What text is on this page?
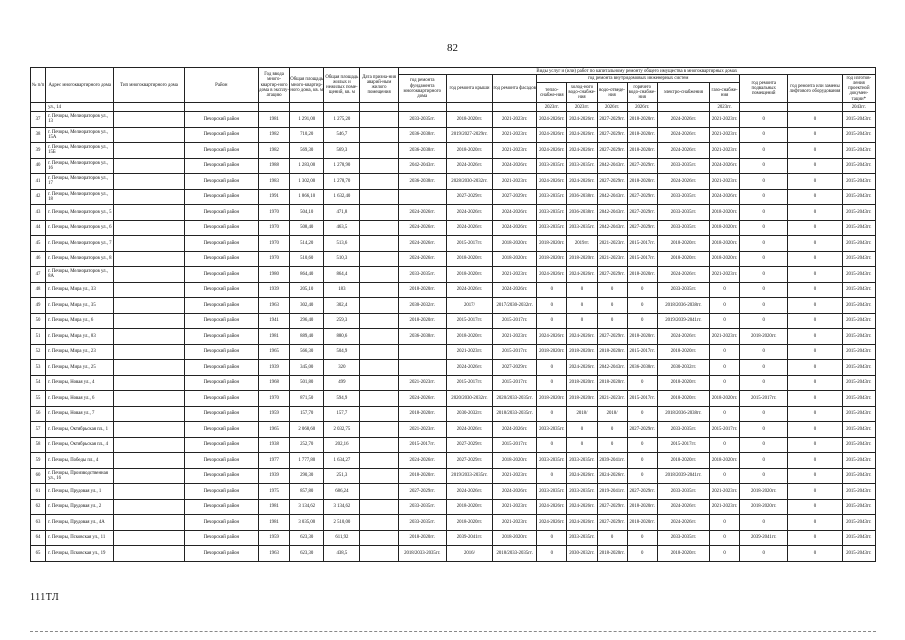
82
№ п/п	Адрес многоквартирного дома	Тип многоквартирного дома	Район	Год ввода много-квартир-ного дома в эксплу-атацию	Общая площадь много-квартир-ного дома, кв. м	Общая площадь жилых и нежилых поме-щений, кв. м	Дата призна-ния аварий-ным жилого помещения	Виды услуг и (или) работ по капитальному ремонту общего имущества в многоквартирных домах											
								год ремонта фундамента многоквартирного дома	год ремонта крыши	год ремонта фасадов	год ремонта внутридомовых инженерных систем						год ремонта подвальных помещений	год ремонта или замены лифтового оборудования	год изготов-ления проектной докумен-тации*
											тепло-снабже-ния	холод-ного водо-снабже-ния	водо-отведе-ния	горячего водо-снабже-ния	электро-снабжения	газо-снабже-ния			
	ул., 14										2023гг.	2023гг.	2026гг.	2026гг.		2023гг.			2043гг.
37	г. Печоры, Мелиораторов ул., 13		Печорский район	1981	1 291,00	1 275,20		2033-2035гг.	2018-2020гг.	2021-2023гг.	2024-2026гг.	2024-2026гг.	2027-2029гг.	2018-2020гг.	2024-2026гг.	2021-2023гг.	0	0	2015-2043гг.
38	г. Печоры, Мелиораторов ул., 15А		Печорский район	1982	710,20	546,7		2036-2038гг.	2019/2027-2029гг.	2021-2023гг.	2024-2026гг.	2024-2026гг.	2027-2029гг.	2018-2020гг.	2024-2026гг.	2021-2023гг.	0	0	2015-2043гг.
39	г. Печоры, Мелиораторов ул., 15Б		Печорский район	1982	569,30	569,3		2036-2038гг.	2018-2020гг.	2021-2023гг.	2024-2026гг.	2024-2026гг.	2027-2029гг.	2018-2020гг.	2024-2026гг.	2021-2023гг.	0	0	2015-2043гг.
40	г. Печоры, Мелиораторов ул., 16		Печорский район	1988	1 283,00	1 278,90		2042-2043гг.	2024-2026гг.	2024-2026гг.	2033-2035гг.	2033-2035гг.	2042-2043гг.	2027-2029гг.	2033-2035гг.	2024-2026гг.	0	0	2015-2043гг.
41	г. Печоры, Мелиораторов ул., 17		Печорский район	1983	1 302,00	1 278,70		2036-2038гг.	2028/2030-2032гг.	2021-2023гг.	2024-2026гг.	2024-2026гг.	2027-2029гг.	2018-2020гг.	2024-2026гг.	2021-2023гг.	0	0	2015-2043гг.
42	г. Печоры, Мелиораторов ул., 18		Печорский район	1991	1 866,10	1 632,40			2027-2029гг.	2027-2029гг.	2033-2035гг.	2036-2038гг.	2042-2043гг.	2027-2029гг.	2033-2035гг.	2024-2026гг.	0	0	2015-2043гг.
43	г. Печоры, Мелиораторов ул., 5		Печорский район	1970	504,10	471,8		2024-2026гг.	2024-2026гг.	2024-2026гг.	2033-2035гг.	2036-2038гг.	2042-2043гг.	2027-2029гг.	2033-2035гг.	2018-2020гг.	0	0	2015-2043гг.
44	г. Печоры, Мелиораторов ул., 6		Печорский район	1970	508,40	463,5		2024-2026гг.	2024-2026гг.	2024-2026гг.	2033-2035гг.	2033-2035гг.	2042-2043гг.	2027-2029гг.	2033-2035гг.	2018-2020гг.	0	0	2015-2043гг.
45	г. Печоры, Мелиораторов ул., 7		Печорский район	1970	514,20	513,6		2024-2026гг.	2015-2017гг.	2018-2020гг.	2018-2020гг.	2019гг.	2021-2023гг.	2015-2017гг.	2018-2020гг.	2018-2020гг.	0	0	2015-2043гг.
46	г. Печоры, Мелиораторов ул., 8		Печорский район	1970	510,60	510,3		2024-2026гг.	2018-2020гг.	2018-2020гг.	2018-2020гг.	2018-2020гг.	2021-2023гг.	2015-2017гг.	2018-2020гг.	2018-2020гг.	0	0	2015-2043гг.
47	г. Печоры, Мелиораторов ул., 8А		Печорский район	1980	864,40	864,4		2033-2035гг.	2018-2020гг.	2021-2023гг.	2024-2026гг.	2024-2026гг.	2027-2029гг.	2018-2020гг.	2024-2026гг.	2021-2023гг.	0	0	2015-2043гг.
48	г. Печоры, Мира ул., 33		Печорский район	1939	205,10	183		2018-2020гг.	2024-2026гг.	2024-2026гг.	0	0	0	0	2033-2035гг.	0	0	0	2015-2043гг.
49	г. Печоры, Мира ул., 35		Печорский район	1963	302,40	302,4		2030-2032гг.	2017/	2017/2030-2032гг.	0	0	0	0	2018/2036-2038гг.	0	0	0	2015-2043гг.
50	г. Печоры, Мира ул., 6		Печорский район	1941	296,40	259,3		2018-2020гг.	2015-2017гг.	2015-2017гг.	0	0	0	0	2019/2039-2041гг.	0	0	0	2015-2043гг.
51	г. Печоры, Мира ул., 83		Печорский район	1981	889,40	880,6		2036-2038гг.	2018-2020гг.	2021-2023гг.	2024-2026гг.	2024-2026гг.	2027-2029гг.	2018-2020гг.	2024-2026гг.	2021-2023гг.	2018-2020гг.	0	2015-2043гг.
52	г. Печоры, Мира ул., 23		Печорский район	1965	566,30	504,9			2021-2023гг.	2015-2017гг.	2018-2020гг.	2018-2020гг.	2018-2020гг.	2015-2017гг.	2018-2020гг.	0	0	0	2015-2043гг.
53	г. Печоры, Мира ул., 25		Печорский район	1939	345,00	320			2024-2026гг.	2027-2029гг.	0	2024-2026гг.	2042-2043гг.	2036-2038гг.	2030-2032гг.	0	0	0	2015-2043гг.
54	г. Печоры, Новая ул., 4		Печорский район	1968	501,80	499		2021-2023гг.	2015-2017гг.	2015-2017гг.	0	2018-2020гг.	2018-2020гг.	0	2018-2020гг.	0	0	0	2015-2043гг.
55	г. Печоры, Новая ул., 6		Печорский район	1970	871,50	594,9		2024-2026гг.	2020/2030-2032гг.	2020/2033-2035гг.	2018-2020гг.	2018-2020гг.	2021-2023гг.	2015-2017гг.	2018-2020гг.	2018-2020гг.	2015-2017гг.	0	2015-2043гг.
56	г. Печоры, Новая ул., 7		Печорский район	1959	157,70	157,7		2018-2020гг.	2030-2032гг.	2018/2033-2035гг.	0	2018/	2018/	0	2018/2036-2038гг.	0	0	0	2015-2043гг.
57	г. Печоры, Октябрьская пл., 1		Печорский район	1965	2 068,60	2 032,75		2021-2023гг.	2024-2026гг.	2024-2026гг.	2033-2035гг.	0	0	2027-2029гг.	2033-2035гг.	2015-2017гг.	0	0	2015-2043гг.
58	г. Печоры, Октябрьская пл., 4		Печорский район	1938	252,70	202,16		2015-2017гг.	2027-2029гг.	2015-2017гг.	0	0	0	0	2015-2017гг.	0	0	0	2015-2043гг.
59	г. Печоры, Победы пл., 4		Печорский район	1977	1 777,80	1 634,27		2024-2026гг.	2027-2029гг.	2018-2020гг.	2033-2035гг.	2033-2035гг.	2039-2041гг.	0	2018-2020гг.	2018-2020гг.	0	0	2015-2043гг.
60	г. Печоры, Производственная ул., 16		Печорский район	1939	290,30	251,3		2018-2020гг.	2019/2033-2035гг.	2021-2023гг.	0	2024-2026гг.	2024-2026гг.	0	2018/2039-2041гг.	0	0	0	2015-2043гг.
61	г. Печоры, Прудовая ул., 1		Печорский район	1975	857,80	686,24		2027-2029гг.	2024-2026гг.	2024-2026гг.	2033-2035гг.	2033-2035гг.	2019-2041гг.	2027-2029гг.	2033-2035гг.	2021-2023гг.	2018-2020гг.	0	2015-2043гг.
62	г. Печоры, Прудовая ул., 2		Печорский район	1981	3 134,62	3 134,62		2033-2035гг.	2018-2020гг.	2021-2023гг.	2024-2026гг.	2024-2026гг.	2027-2029гг.	2018-2020гг.	2024-2026гг.	2021-2023гг.	2018-2020гг.	0	2015-2043гг.
63	г. Печоры, Прудовая ул., 4А		Печорский район	1981	3 035,00	2 510,00		2033-2035гг.	2018-2020гг.	2021-2023гг.	2024-2026гг.	2024-2026гг.	2027-2029гг.	2018-2020гг.	2024-2026гг.	0	0	0	2015-2043гг.
64	г. Печоры, Псковская ул., 11		Печорский район	1959	623,30	611,92		2018-2020гг.	2039-2041гг.	2018-2020гг.	0	2033-2035гг.	0	0	2033-2035гг.	0	2039-2041гг.	0	2015-2043гг.
65	г. Печоры, Псковская ул., 19		Печорский район	1963	623,30	438,5		2018/2033-2035гг.	2016/	2018/2033-2035гг.	0	2030-2032гг.	2018-2020гг.	0	2018-2020гг.	0	0	0	2015-2043гг.
111ТЛ
